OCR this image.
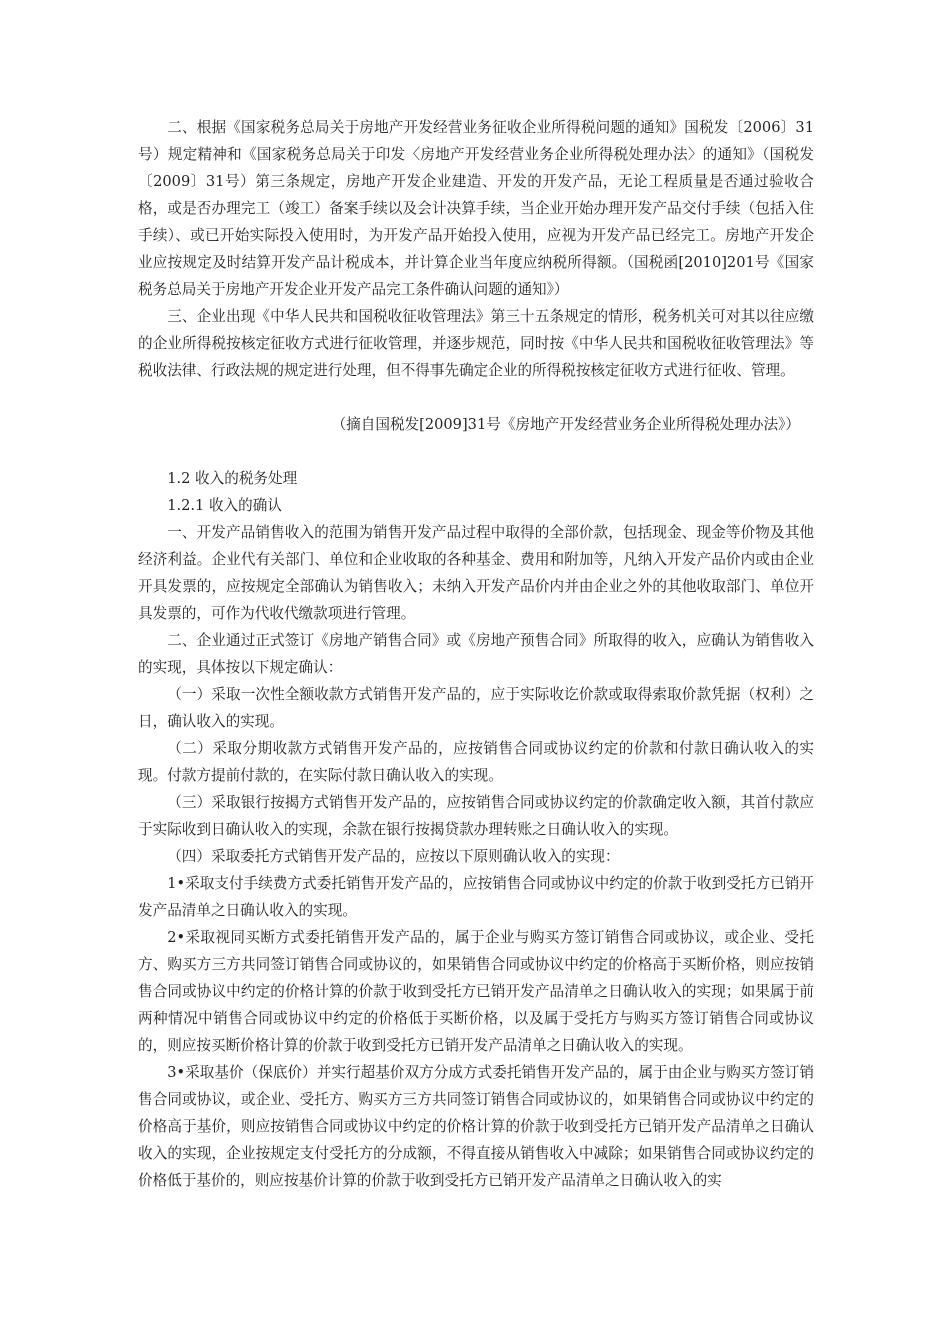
二、根据《国家税务总局关于房地产开发经营业务征收企业所得税问题的通知》国税发〔2006〕31号）规定精神和《国家税务总局关于印发〈房地产开发经营业务企业所得税处理办法〉的通知》（国税发〔2009〕31号）第三条规定，房地产开发企业建造、开发的开发产品，无论工程质量是否通过验收合格，或是否办理完工（竣工）备案手续以及会计决算手续，当企业开始办理开发产品交付手续（包括入住手续）、或已开始实际投入使用时，为开发产品开始投入使用，应视为开发产品已经完工。房地产开发企业应按规定及时结算开发产品计税成本，并计算企业当年度应纳税所得额。（国税函[2010]201号《国家税务总局关于房地产开发企业开发产品完工条件确认问题的通知》）

三、企业出现《中华人民共和国税收征收管理法》第三十五条规定的情形，税务机关可对其以往应缴的企业所得税按核定征收方式进行征收管理，并逐步规范，同时按《中华人民共和国税收征收管理法》等税收法律、行政法规的规定进行处理，但不得事先确定企业的所得税按核定征收方式进行征收、管理。

（摘自国税发[2009]31号《房地产开发经营业务企业所得税处理办法》）

1.2 收入的税务处理

1.2.1 收入的确认

一、开发产品销售收入的范围为销售开发产品过程中取得的全部价款，包括现金、现金等价物及其他经济利益。企业代有关部门、单位和企业收取的各种基金、费用和附加等，凡纳入开发产品价内或由企业开具发票的，应按规定全部确认为销售收入；未纳入开发产品价内并由企业之外的其他收取部门、单位开具发票的，可作为代收代缴款项进行管理。

二、企业通过正式签订《房地产销售合同》或《房地产预售合同》所取得的收入，应确认为销售收入的实现，具体按以下规定确认：

（一）采取一次性全额收款方式销售开发产品的，应于实际收讫价款或取得索取价款凭据（权利）之日，确认收入的实现。

（二）采取分期收款方式销售开发产品的，应按销售合同或协议约定的价款和付款日确认收入的实现。付款方提前付款的，在实际付款日确认收入的实现。

（三）采取银行按揭方式销售开发产品的，应按销售合同或协议约定的价款确定收入额，其首付款应于实际收到日确认收入的实现，余款在银行按揭贷款办理转账之日确认收入的实现。

（四）采取委托方式销售开发产品的，应按以下原则确认收入的实现：

1•采取支付手续费方式委托销售开发产品的，应按销售合同或协议中约定的价款于收到受托方已销开发产品清单之日确认收入的实现。

2•采取视同买断方式委托销售开发产品的，属于企业与购买方签订销售合同或协议，或企业、受托方、购买方三方共同签订销售合同或协议的，如果销售合同或协议中约定的价格高于买断价格，则应按销售合同或协议中约定的价格计算的价款于收到受托方已销开发产品清单之日确认收入的实现；如果属于前两种情况中销售合同或协议中约定的价格低于买断价格，以及属于受托方与购买方签订销售合同或协议的，则应按买断价格计算的价款于收到受托方已销开发产品清单之日确认收入的实现。

3•采取基价（保底价）并实行超基价双方分成方式委托销售开发产品的，属于由企业与购买方签订销售合同或协议，或企业、受托方、购买方三方共同签订销售合同或协议的，如果销售合同或协议中约定的价格高于基价，则应按销售合同或协议中约定的价格计算的价款于收到受托方已销开发产品清单之日确认收入的实现，企业按规定支付受托方的分成额，不得直接从销售收入中减除；如果销售合同或协议约定的价格低于基价的，则应按基价计算的价款于收到受托方已销开发产品清单之日确认收入的实
